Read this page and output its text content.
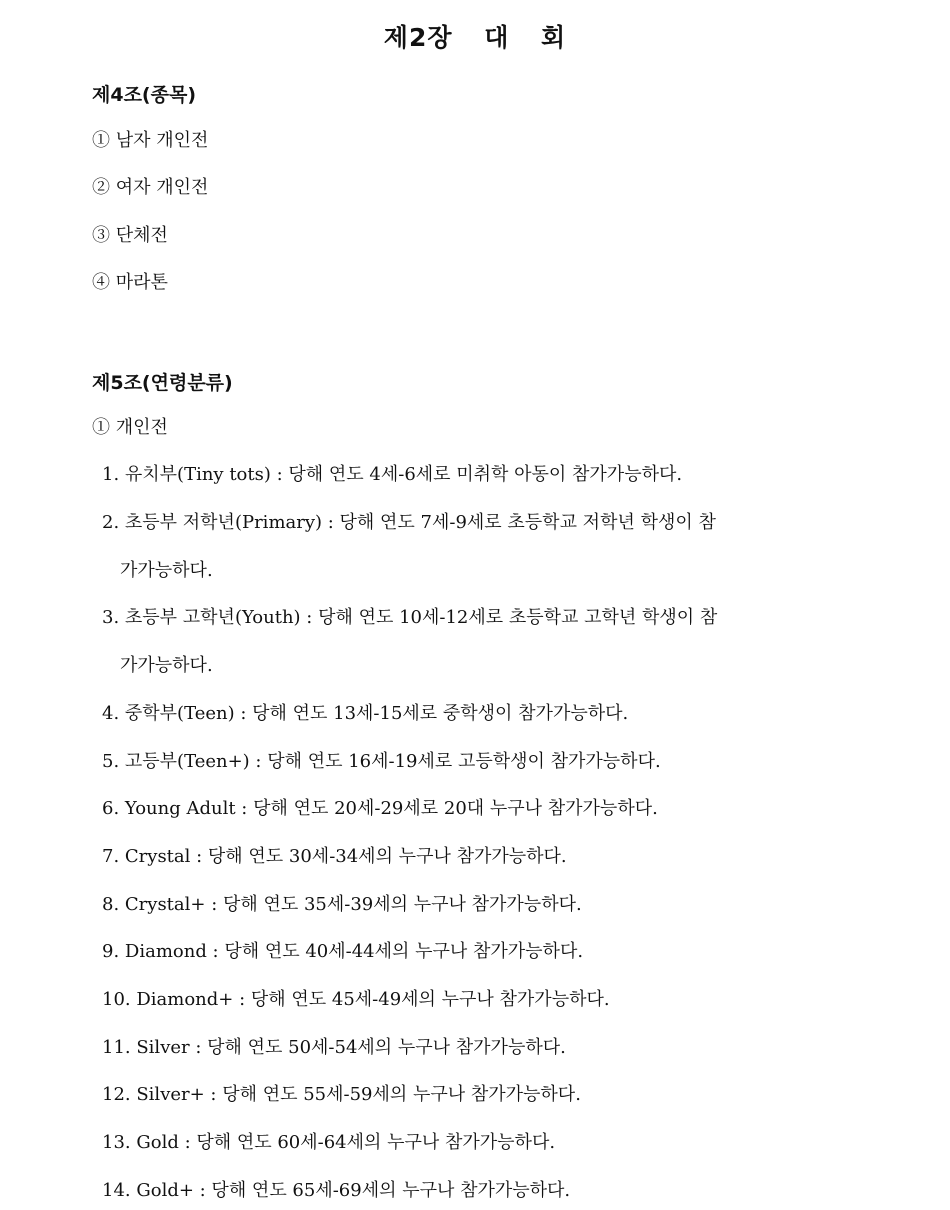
제2장 대 회
제4조(종목)
① 남자 개인전
② 여자 개인전
③ 단체전
④ 마라톤
제5조(연령분류)
① 개인전
1. 유치부(Tiny tots) : 당해 연도 4세-6세로 미취학 아동이 참가가능하다.
2. 초등부 저학년(Primary) : 당해 연도 7세-9세로 초등학교 저학년 학생이 참
가가능하다.
3. 초등부 고학년(Youth) : 당해 연도 10세-12세로 초등학교 고학년 학생이 참
가가능하다.
4. 중학부(Teen) : 당해 연도 13세-15세로 중학생이 참가가능하다.
5. 고등부(Teen+) : 당해 연도 16세-19세로 고등학생이 참가가능하다.
6. Young Adult : 당해 연도 20세-29세로 20대 누구나 참가가능하다.
7. Crystal : 당해 연도 30세-34세의 누구나 참가가능하다.
8. Crystal+ : 당해 연도 35세-39세의 누구나 참가가능하다.
9. Diamond : 당해 연도 40세-44세의 누구나 참가가능하다.
10. Diamond+ : 당해 연도 45세-49세의 누구나 참가가능하다.
11. Silver : 당해 연도 50세-54세의 누구나 참가가능하다.
12. Silver+ : 당해 연도 55세-59세의 누구나 참가가능하다.
13. Gold : 당해 연도 60세-64세의 누구나 참가가능하다.
14. Gold+ : 당해 연도 65세-69세의 누구나 참가가능하다.
